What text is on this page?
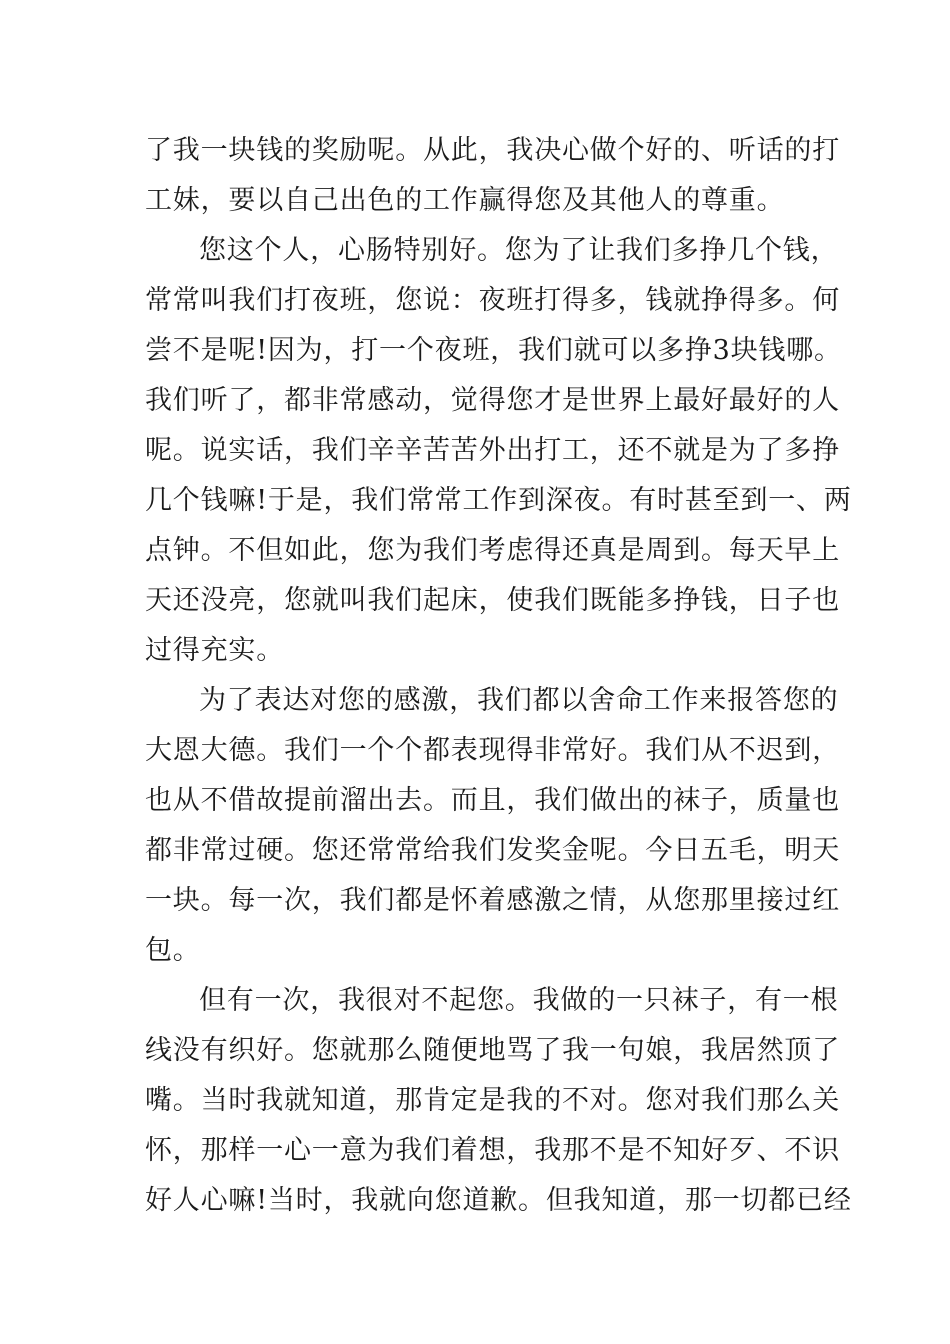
了我一块钱的奖励呢。从此，我决心做个好的、听话的打
工妹，要以自己出色的工作赢得您及其他人的尊重。
您这个人，心肠特别好。您为了让我们多挣几个钱，
常常叫我们打夜班，您说：夜班打得多，钱就挣得多。何
尝不是呢!因为，打一个夜班，我们就可以多挣3块钱哪。
我们听了，都非常感动，觉得您才是世界上最好最好的人
呢。说实话，我们辛辛苦苦外出打工，还不就是为了多挣
几个钱嘛!于是，我们常常工作到深夜。有时甚至到一、两
点钟。不但如此，您为我们考虑得还真是周到。每天早上
天还没亮，您就叫我们起床，使我们既能多挣钱，日子也
过得充实。
为了表达对您的感激，我们都以舍命工作来报答您的
大恩大德。我们一个个都表现得非常好。我们从不迟到，
也从不借故提前溜出去。而且，我们做出的袜子，质量也
都非常过硬。您还常常给我们发奖金呢。今日五毛，明天
一块。每一次，我们都是怀着感激之情，从您那里接过红
包。
但有一次，我很对不起您。我做的一只袜子，有一根
线没有织好。您就那么随便地骂了我一句娘，我居然顶了
嘴。当时我就知道，那肯定是我的不对。您对我们那么关
怀，那样一心一意为我们着想，我那不是不知好歹、不识
好人心嘛!当时，我就向您道歉。但我知道，那一切都已经
